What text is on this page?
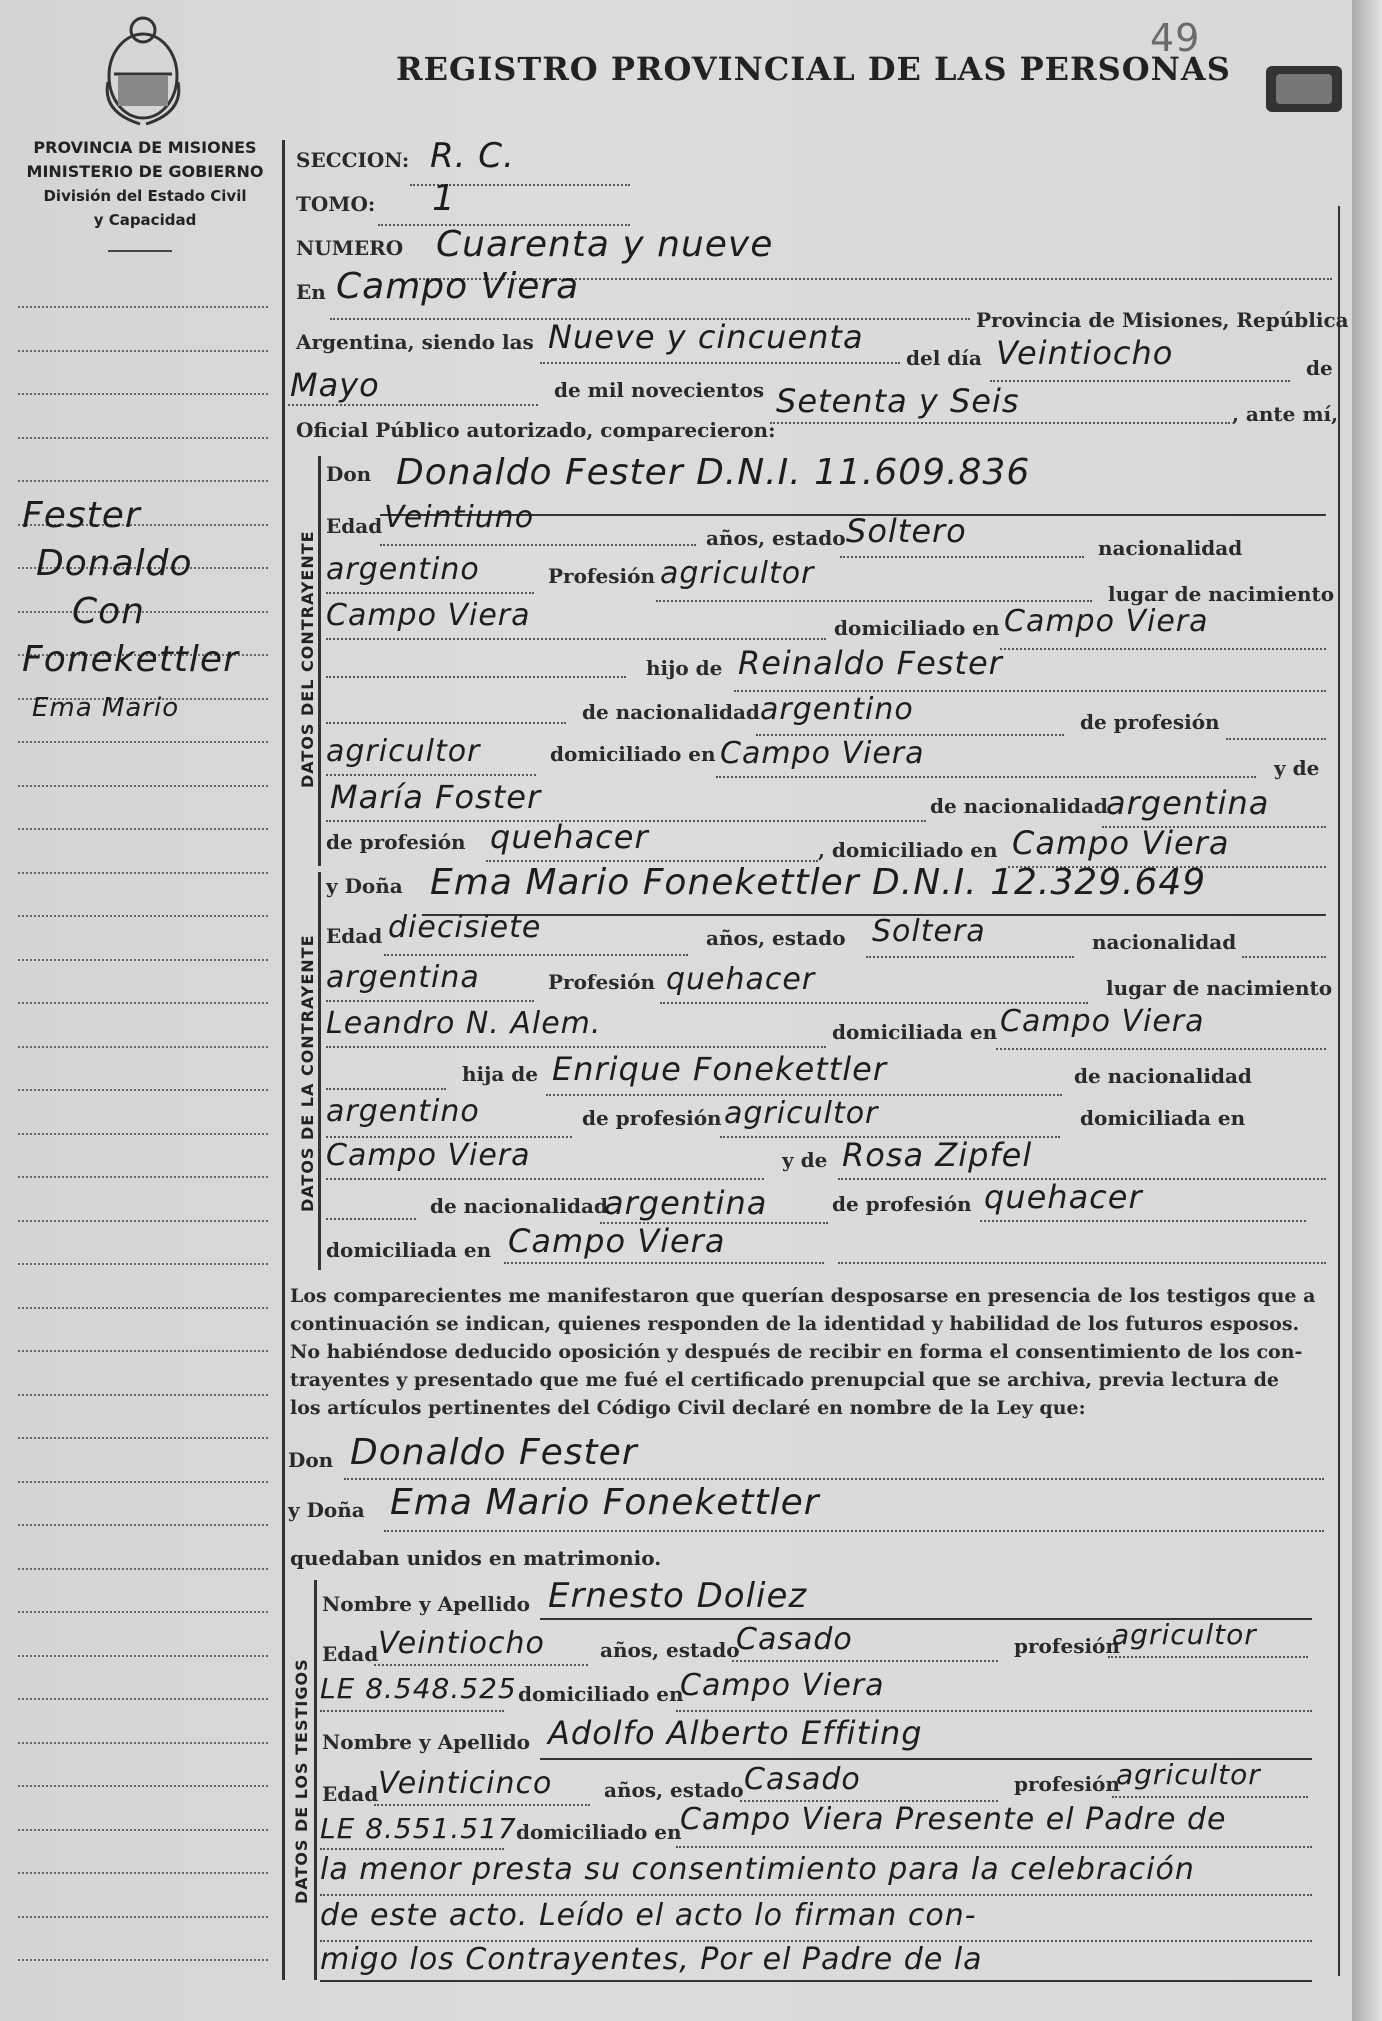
49
REGISTRO PROVINCIAL DE LAS PERSONAS
PROVINCIA DE MISIONES
MINISTERIO DE GOBIERNO
División del Estado Civil
y Capacidad
Fester
Donaldo
Con
Fonekettler
Ema Mario
SECCION: R. C.
TOMO: 1
NUMERO Cuarenta y nueve
En Campo Viera
Provincia de Misiones, República
Argentina, siendo las Nueve y cincuenta
del día Veintiocho	de
Mayo	de mil novecientos Setenta y Seis	, ante mí,
Oficial Público autorizado, comparecieron:
DATOS DEL CONTRAYENTE
Don Donaldo Fester D.N.I. 11.609.836
Edad Veintiuno
años, estado Soltero	nacionalidad
argentino	Profesión agricultor
lugar de nacimiento
Campo Viera	domiciliado en Campo Viera
hijo de Reinaldo Fester
de nacionalidad argentino	de profesión
agricultor	domiciliado en Campo Viera	y de
María Foster	de nacionalidad
argentina
de profesión quehacer	, domiciliado en Campo Viera
DATOS DE LA CONTRAYENTE
y Doña Ema Mario Fonekettler D.N.I. 12.329.649
Edad diecisiete	años, estado Soltera	nacionalidad
argentina	Profesión quehacer	lugar de nacimiento
Leandro N. Alem.	domiciliada en Campo Viera
hija de Enrique Fonekettler	de nacionalidad
argentino	de profesión agricultor	domiciliada en
Campo Viera	y de Rosa Zipfel
de nacionalidad
argentina	de profesión quehacer
domiciliada en Campo Viera
Los comparecientes me manifestaron que querían desposarse en presencia de los testigos que a
continuación se indican, quienes responden de la identidad y habilidad de los futuros esposos.
No habiéndose deducido oposición y después de recibir en forma el consentimiento de los con-
trayentes y presentado que me fué el certificado prenupcial que se archiva, previa lectura de
los artículos pertinentes del Código Civil declaré en nombre de la Ley que:
Don Donaldo Fester
y Doña Ema Mario Fonekettler
quedaban unidos en matrimonio.
DATOS DE LOS TESTIGOS
Nombre y Apellido Ernesto Doliez
Edad Veintiocho	años, estado
Casado	profesión
agricultor
LE 8.548.525 domiciliado en
Campo Viera
Nombre y Apellido Adolfo Alberto Effiting
Edad Veinticinco	años, estado Casado	profesión
agricultor
LE 8.551.517 domiciliado en
Campo Viera Presente el Padre de
la menor presta su consentimiento para la celebración
de este acto. Leído el acto lo firman con-
migo los Contrayentes, Por el Padre de la
